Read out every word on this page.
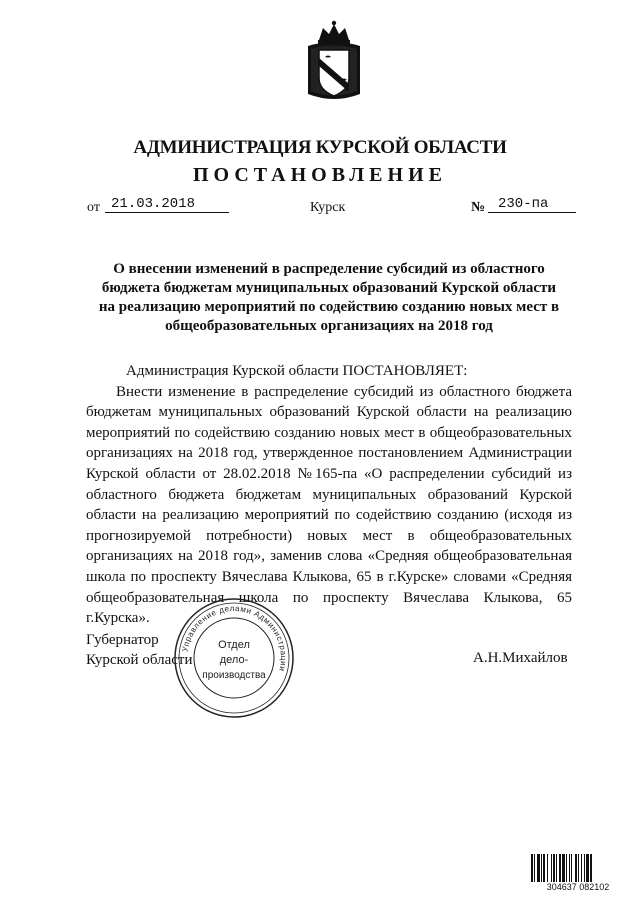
АДМИНИСТРАЦИЯ КУРСКОЙ ОБЛАСТИ
ПОСТАНОВЛЕНИЕ
от 21.03.2018	Курск	№ 230-па
О внесении изменений в распределение субсидий из областного
бюджета бюджетам муниципальных образований Курской области
на реализацию мероприятий по содействию созданию новых мест в
общеобразовательных организациях на 2018 год
Администрация Курской области ПОСТАНОВЛЯЕТ:
Внести изменение в распределение субсидий из областного бюджета
бюджетам муниципальных образований Курской области на реализацию
мероприятий по содействию созданию новых мест в общеобразовательных
организациях на 2018 год, утвержденное постановлением Администрации
Курской области от 28.02.2018 №165-па «О распределении субсидий из
областного бюджета бюджетам муниципальных образований Курской
области на реализацию мероприятий по содействию созданию (исходя из
прогнозируемой потребности) новых мест в общеобразовательных
организациях на 2018 год», заменив слова «Средняя общеобразовательная
школа по проспекту Вячеслава Клыкова, 65 в г.Курске» словами «Средняя
общеобразовательная школа по проспекту Вячеслава Клыкова, 65
г.Курска».
Губернатор
Курской области	А.Н.Михайлов
Управление делами Администрации
Отдел
дело-
производства
304637 082102
